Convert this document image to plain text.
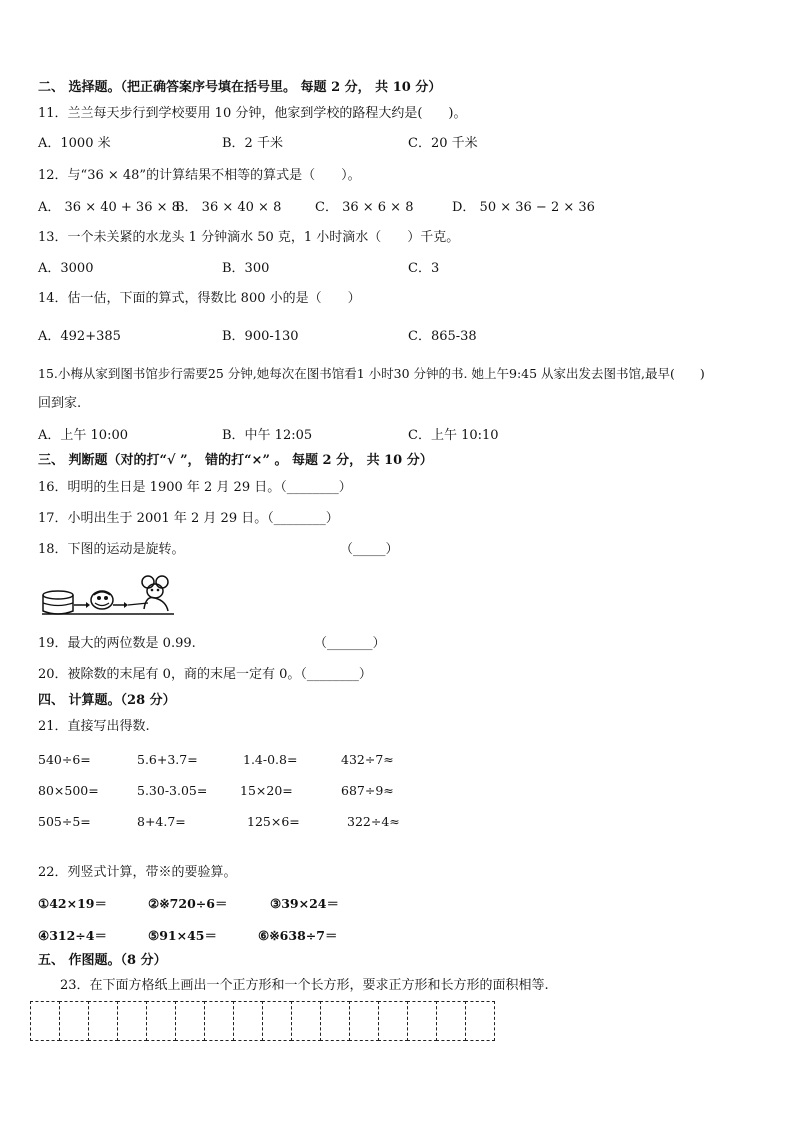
二、 选择题。（把正确答案序号填在括号里。 每题 2 分， 共 10 分）
11．兰兰每天步行到学校要用 10 分钟，他家到学校的路程大约是(　　)。
A．1000 米	B．2 千米	C．20 千米
12．与“36 × 48”的计算结果不相等的算式是（　　）。
A． 36 × 40 + 36 × 8
B． 36 × 40 × 8	C． 36 × 6 × 8	D． 50 × 36 − 2 × 36
13．一个未关紧的水龙头 1 分钟滴水 50 克，1 小时滴水（　　）千克。
A．3000	B．300	C．3
14．估一估，下面的算式，得数比 800 小的是（　　）
A．492+385	B．900-130	C．865-38
15.小梅从家到图书馆步行需要25 分钟,她每次在图书馆看1 小时30 分钟的书. 她上午9:45 从家出发去图书馆,最早(　　)
回到家.
A．上午 10:00	B．中午 12:05	C．上午 10:10
三、 判断题（对的打“√ ”， 错的打“×” 。 每题 2 分， 共 10 分）
16．明明的生日是 1900 年 2 月 29 日。（________）
17．小明出生于 2001 年 2 月 29 日。（________）
18．下图的运动是旋转。	（_____）
19．最大的两位数是 0.99.	（_______）
20．被除数的末尾有 0，商的末尾一定有 0。（________）
四、 计算题。（28 分）
21．直接写出得数.
540÷6=	5.6+3.7=	1.4-0.8=	432÷7≈
80×500=	5.30-3.05=	15×20=	687÷9≈
505÷5=	8+4.7=	125×6=	322÷4≈
22．列竖式计算，带※的要验算。
①42×19＝	②※720÷6＝	③39×24＝
④312÷4＝	⑤91×45＝	⑥※638÷7＝
五、 作图题。（8 分）
23．在下面方格纸上画出一个正方形和一个长方形，要求正方形和长方形的面积相等.
